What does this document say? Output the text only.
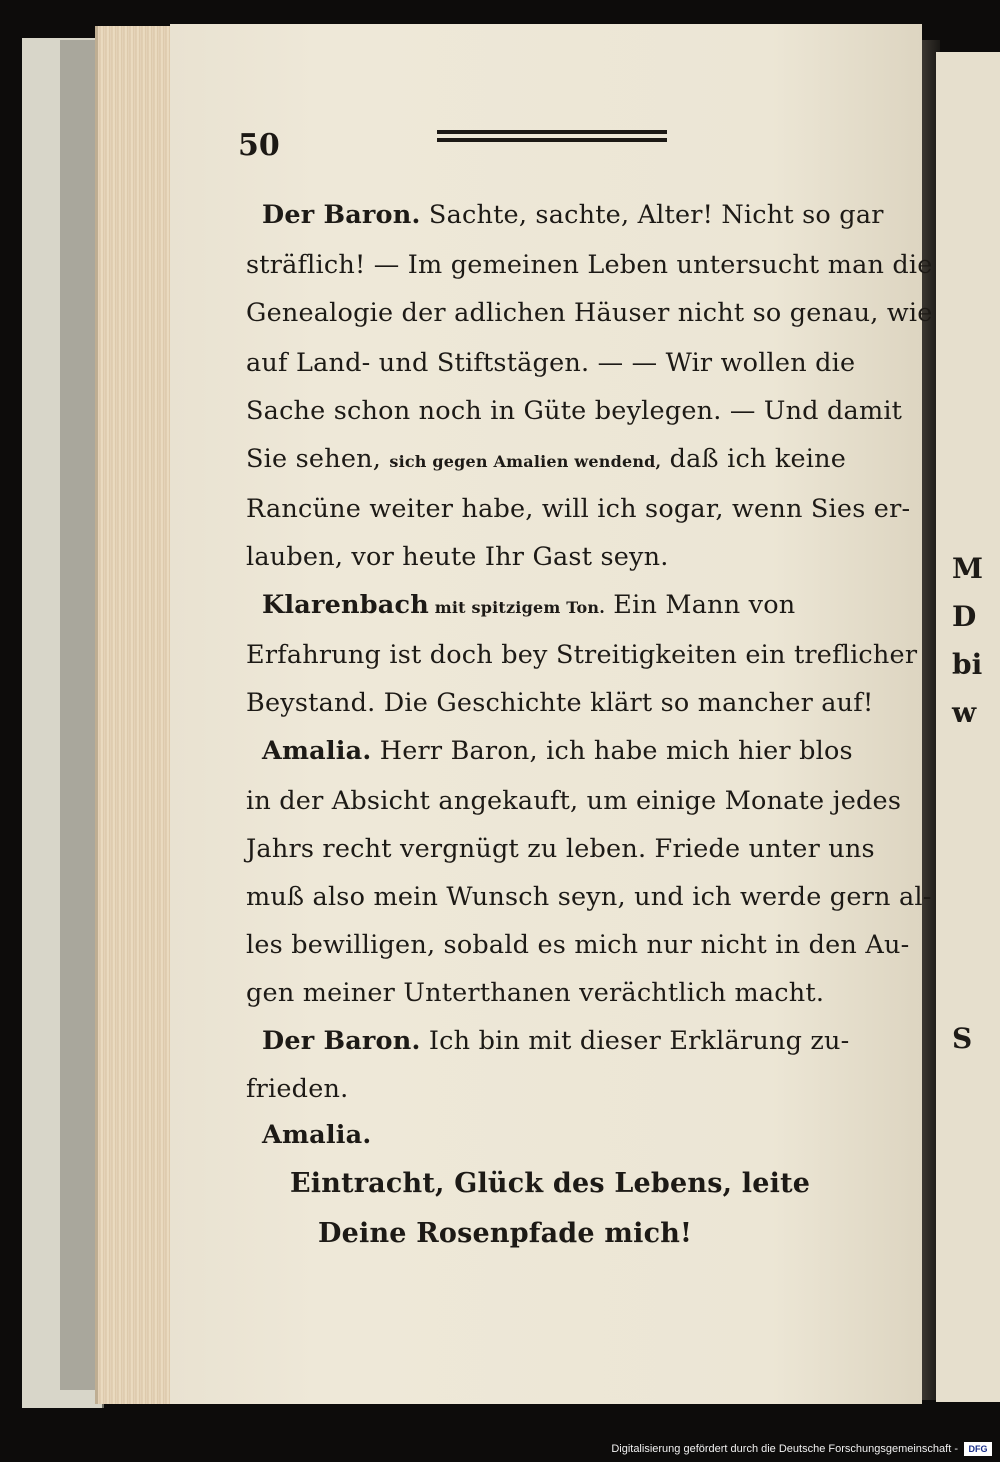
M
D
bi
w
S
50
Der Baron. Sachte, sachte, Alter! Nicht so gar
sträflich! — Im gemeinen Leben untersucht man die
Genealogie der adlichen Häuser nicht so genau, wie
auf Land- und Stiftstägen. — — Wir wollen die
Sache schon noch in Güte beylegen. — Und damit
Sie sehen, sich gegen Amalien wendend, daß ich keine
Rancüne weiter habe, will ich sogar, wenn Sies er-
lauben, vor heute Ihr Gast seyn.
Klarenbach mit spitzigem Ton. Ein Mann von
Erfahrung ist doch bey Streitigkeiten ein treflicher
Beystand. Die Geschichte klärt so mancher auf!
Amalia. Herr Baron, ich habe mich hier blos
in der Absicht angekauft, um einige Monate jedes
Jahrs recht vergnügt zu leben. Friede unter uns
muß also mein Wunsch seyn, und ich werde gern al-
les bewilligen, sobald es mich nur nicht in den Au-
gen meiner Unterthanen verächtlich macht.
Der Baron. Ich bin mit dieser Erklärung zu-
frieden.
Amalia.
Eintracht, Glück des Lebens, leite
Deine Rosenpfade mich!
Digitalisierung gefördert durch die Deutsche Forschungsgemeinschaft -	DFG
